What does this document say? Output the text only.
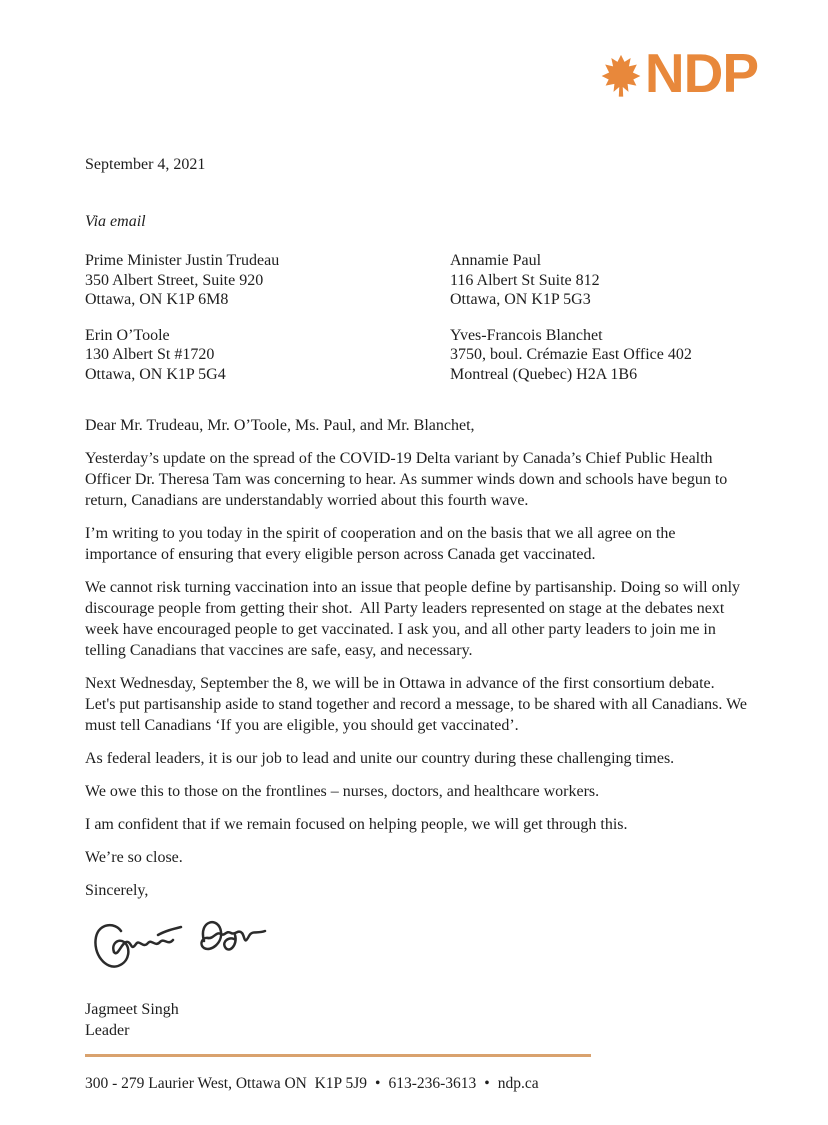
NDP
September 4, 2021
Via email
Prime Minister Justin Trudeau
350 Albert Street, Suite 920
Ottawa, ON K1P 6M8
Annamie Paul
116 Albert St Suite 812
Ottawa, ON K1P 5G3
Erin O’Toole
130 Albert St #1720
Ottawa, ON K1P 5G4
Yves-Francois Blanchet
3750, boul. Crémazie East Office 402
Montreal (Quebec) H2A 1B6
Dear Mr. Trudeau, Mr. O’Toole, Ms. Paul, and Mr. Blanchet,
Yesterday’s update on the spread of the COVID-19 Delta variant by Canada’s Chief Public Health Officer Dr. Theresa Tam was concerning to hear. As summer winds down and schools have begun to return, Canadians are understandably worried about this fourth wave.
I’m writing to you today in the spirit of cooperation and on the basis that we all agree on the importance of ensuring that every eligible person across Canada get vaccinated.
We cannot risk turning vaccination into an issue that people define by partisanship. Doing so will only discourage people from getting their shot.  All Party leaders represented on stage at the debates next week have encouraged people to get vaccinated. I ask you, and all other party leaders to join me in telling Canadians that vaccines are safe, easy, and necessary.
Next Wednesday, September the 8, we will be in Ottawa in advance of the first consortium debate. Let's put partisanship aside to stand together and record a message, to be shared with all Canadians. We must tell Canadians ‘If you are eligible, you should get vaccinated’.
As federal leaders, it is our job to lead and unite our country during these challenging times.
We owe this to those on the frontlines – nurses, doctors, and healthcare workers.
I am confident that if we remain focused on helping people, we will get through this.
We’re so close.
Sincerely,
Jagmeet Singh
Leader
300 - 279 Laurier West, Ottawa ON  K1P 5J9 • 613-236-3613 • ndp.ca
